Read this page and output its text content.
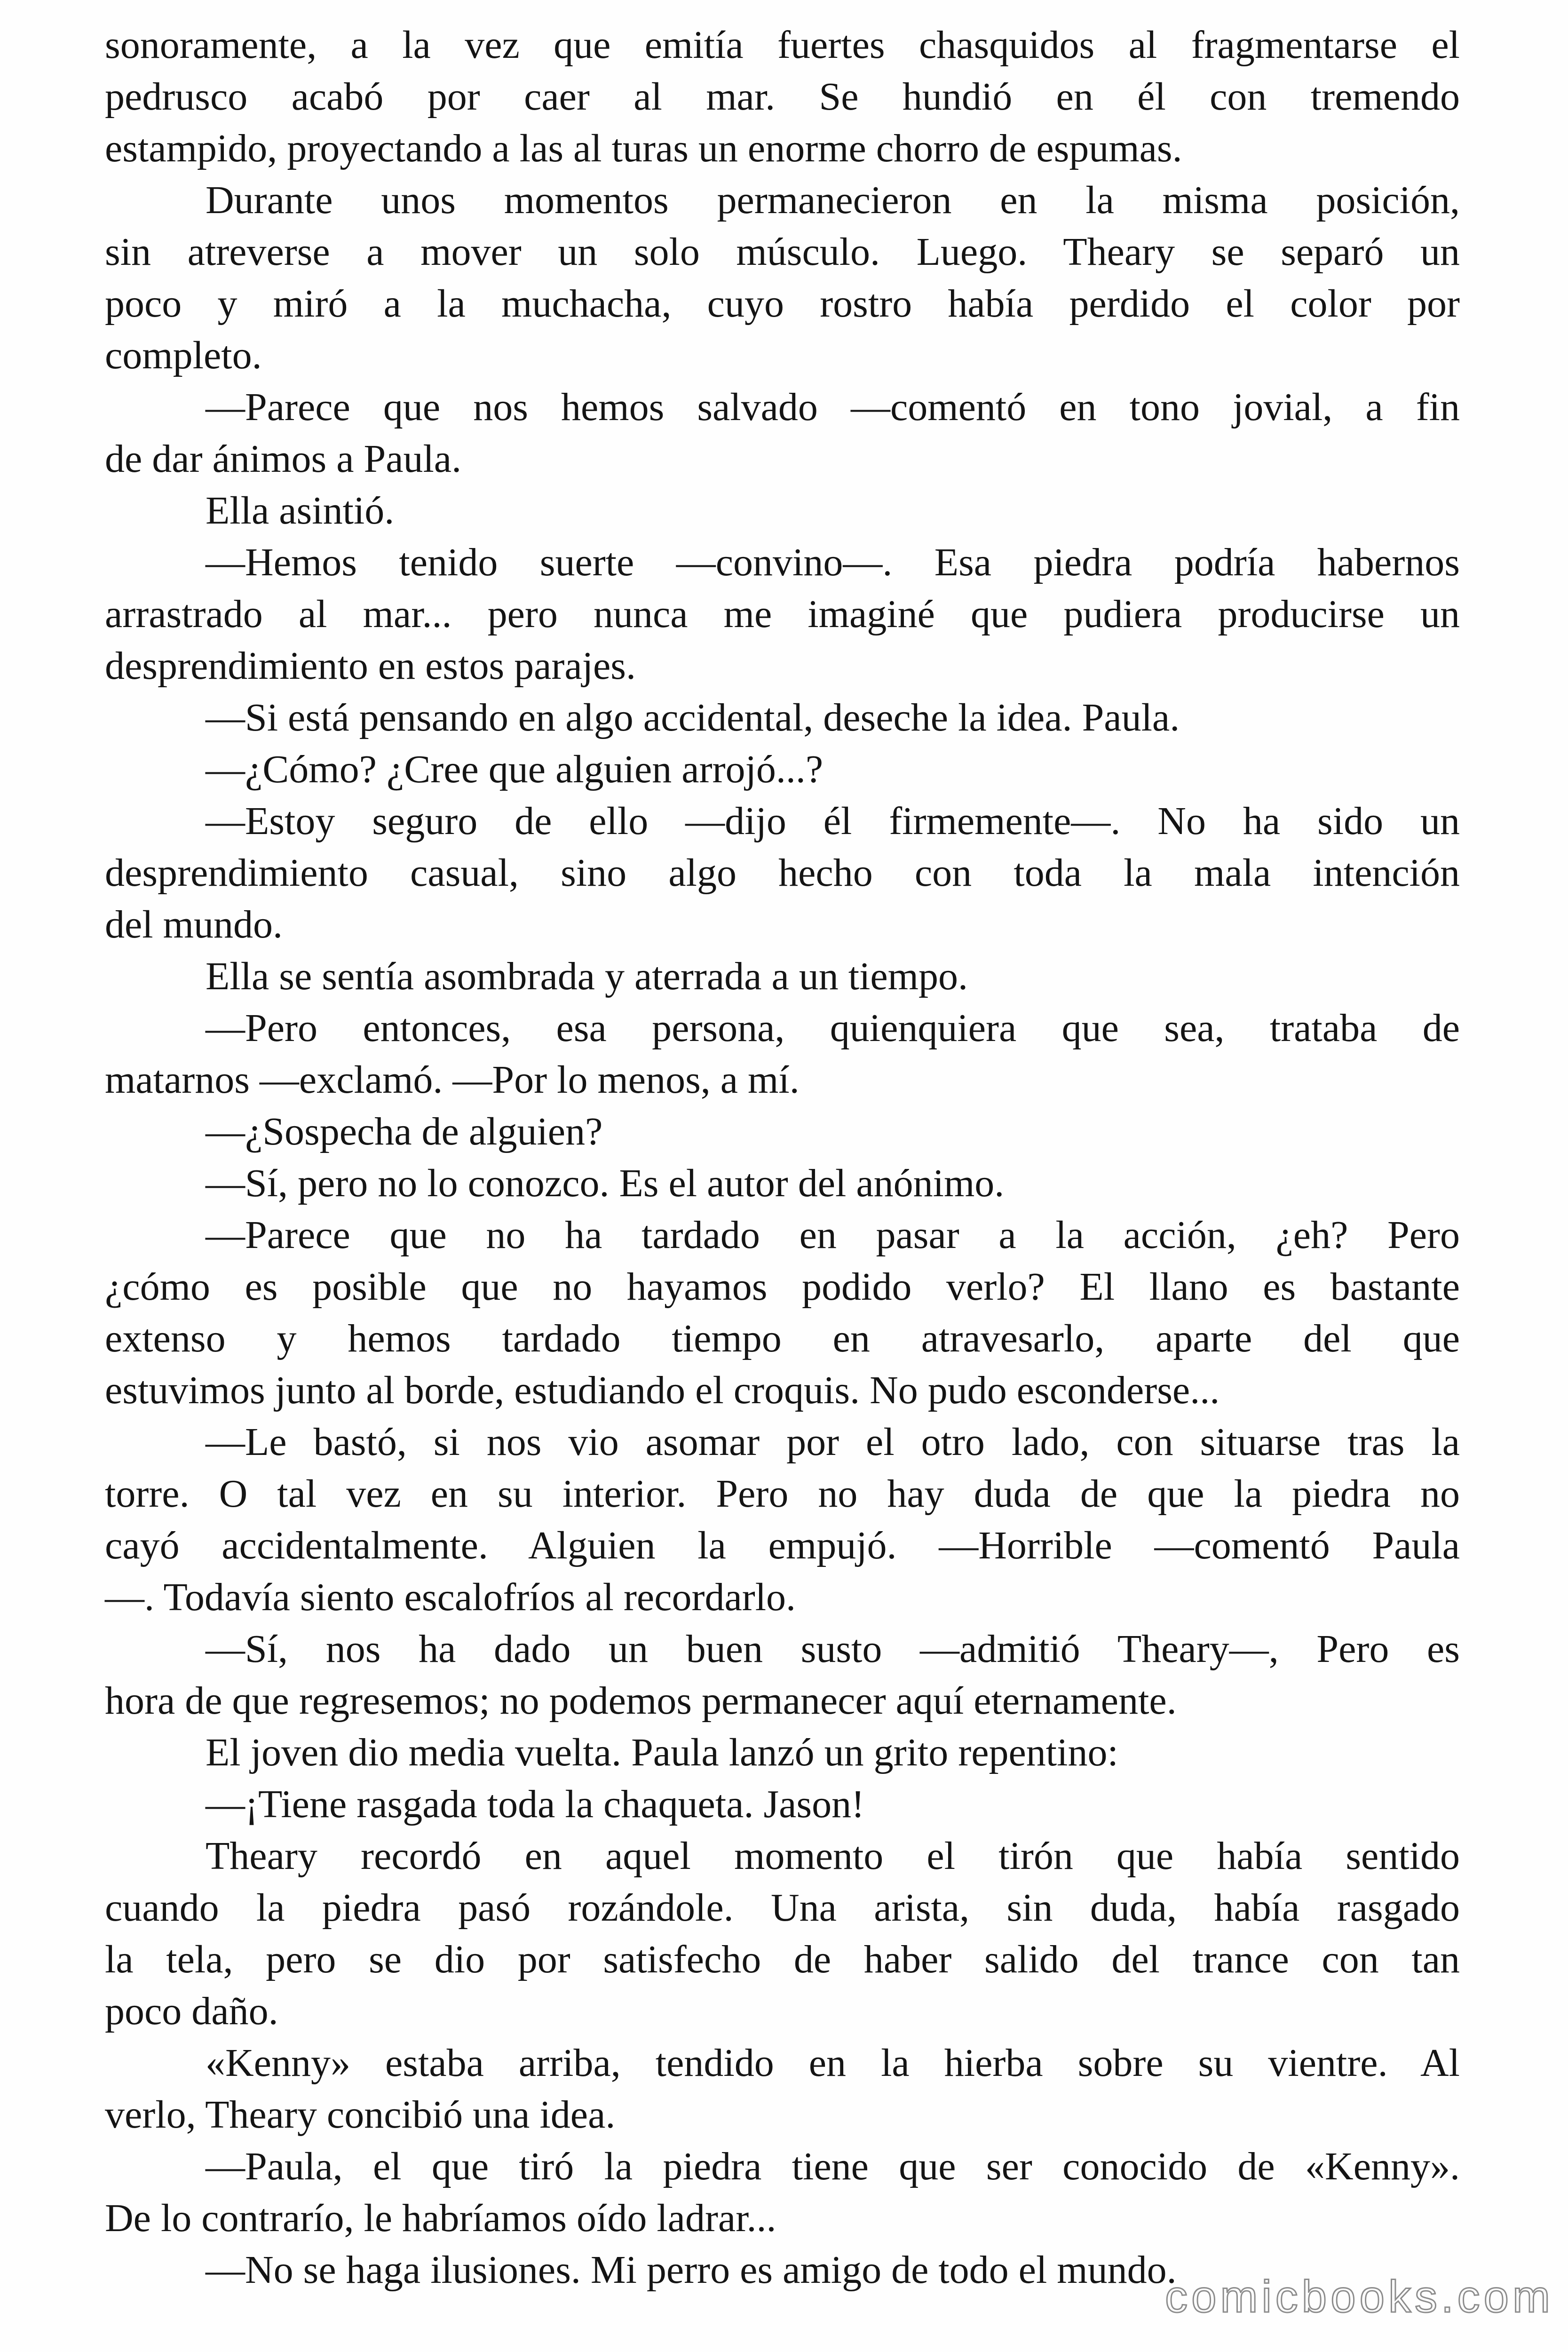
sonoramente, a la vez que emitía fuertes chasquidos al fragmentarse el
pedrusco acabó por caer al mar. Se hundió en él con tremendo
estampido, proyectando a las al turas un enorme chorro de espumas.
Durante unos momentos permanecieron en la misma posición,
sin atreverse a mover un solo músculo. Luego. Theary se separó un
poco y miró a la muchacha, cuyo rostro había perdido el color por
completo.
—Parece que nos hemos salvado —comentó en tono jovial, a fin
de dar ánimos a Paula.
Ella asintió.
—Hemos tenido suerte —convino—. Esa piedra podría habernos
arrastrado al mar... pero nunca me imaginé que pudiera producirse un
desprendimiento en estos parajes.
—Si está pensando en algo accidental, deseche la idea. Paula.
—¿Cómo? ¿Cree que alguien arrojó...?
—Estoy seguro de ello —dijo él firmemente—. No ha sido un
desprendimiento casual, sino algo hecho con toda la mala intención
del mundo.
Ella se sentía asombrada y aterrada a un tiempo.
—Pero entonces, esa persona, quienquiera que sea, trataba de
matarnos —exclamó. —Por lo menos, a mí.
—¿Sospecha de alguien?
—Sí, pero no lo conozco. Es el autor del anónimo.
—Parece que no ha tardado en pasar a la acción, ¿eh? Pero
¿cómo es posible que no hayamos podido verlo? El llano es bastante
extenso y hemos tardado tiempo en atravesarlo, aparte del que
estuvimos junto al borde, estudiando el croquis. No pudo esconderse...
—Le bastó, si nos vio asomar por el otro lado, con situarse tras la
torre. O tal vez en su interior. Pero no hay duda de que la piedra no
cayó accidentalmente. Alguien la empujó. —Horrible —comentó Paula
—. Todavía siento escalofríos al recordarlo.
—Sí, nos ha dado un buen susto —admitió Theary—, Pero es
hora de que regresemos; no podemos permanecer aquí eternamente.
El joven dio media vuelta. Paula lanzó un grito repentino:
—¡Tiene rasgada toda la chaqueta. Jason!
Theary recordó en aquel momento el tirón que había sentido
cuando la piedra pasó rozándole. Una arista, sin duda, había rasgado
la tela, pero se dio por satisfecho de haber salido del trance con tan
poco daño.
«Kenny» estaba arriba, tendido en la hierba sobre su vientre. Al
verlo, Theary concibió una idea.
—Paula, el que tiró la piedra tiene que ser conocido de «Kenny».
De lo contrarío, le habríamos oído ladrar...
—No se haga ilusiones. Mi perro es amigo de todo el mundo.
comicbooks.com
